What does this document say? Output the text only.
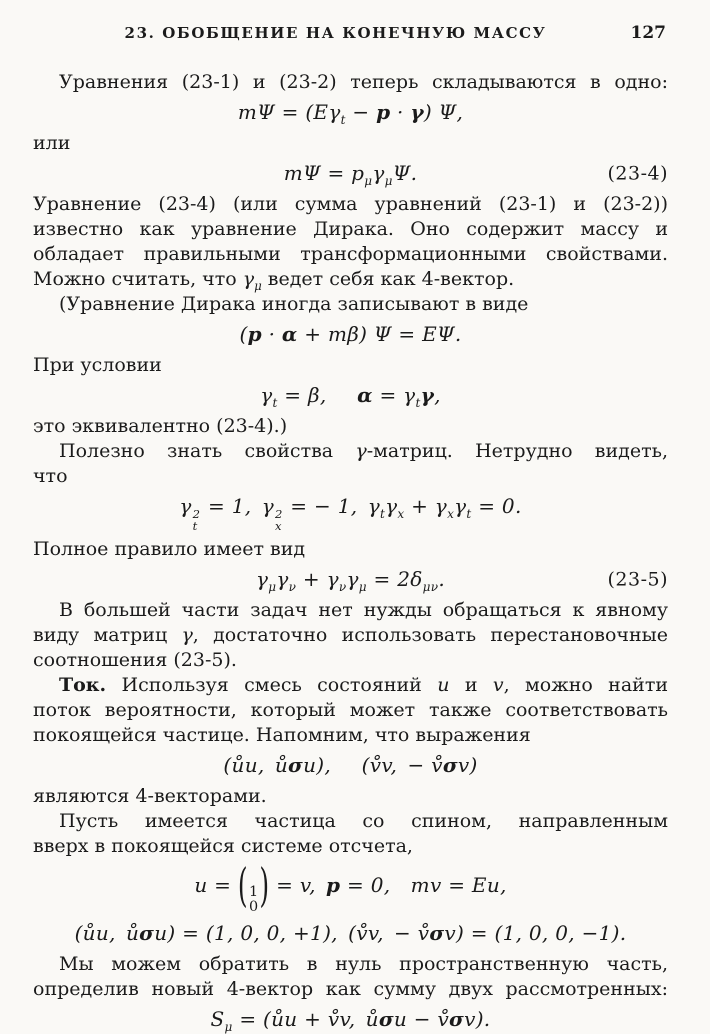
23. ОБОБЩЕНИЕ НА КОНЕЧНУЮ МАССУ	127
Уравнения (23-1) и (23-2) теперь складываются в одно:
$m\Psi = (E\gamma_t - p \cdot \gamma)$ Ψ,
или
$m\Psi = p_\mu\gamma_\mu\Psi$.	(23-4)
Уравнение (23-4) (или сумма уравнений (23-1) и (23-2))
известно как уравнение Дирака. Оно содержит массу и
обладает правильными трансформационными свойствами.
Можно считать, что $\gamma_\mu$ ведет себя как 4-вектор.
(Уравнение Дирака иногда записывают в виде
(p · α + mβ) Ψ = EΨ.
При условии
$\gamma_t = \beta$,  $\alpha = \gamma_t\gamma$,
это эквивалентно (23-4).)
Полезно знать свойства γ-матриц. Нетрудно видеть,
что
γ 2
t
= 1, γ 2
x
= − 1, $\gamma_t\gamma_x + \gamma_x\gamma_t = 0$.
Полное правило имеет вид
$\gamma_\mu\gamma_\nu + \gamma_\nu\gamma_\mu = 2\delta_{\mu\nu}$.	(23-5)
В большей части задач нет нужды обращаться к явному
виду матриц γ, достаточно использовать перестановочные
соотношения (23-5).
Ток. Используя смесь состояний u и v, можно найти
поток вероятности, который может также соответствовать
покоящейся частице. Напомним, что выражения
(ůu, ůσu),  (v̊v, − v̊σv)
являются 4-векторами.
Пусть имеется частица со спином, направленным
вверх в покоящейся системе отсчета,
u = ( 1
0 ) = v, p = 0, mv = Eu,
(ůu, ůσu) = (1, 0, 0, +1), (v̊v, − v̊σv) = (1, 0, 0, −1).
Мы можем обратить в нуль пространственную часть,
определив новый 4-вектор как сумму двух рассмотренных:
$S_\mu$ = (ůu + v̊v, ůσu − v̊σv).
